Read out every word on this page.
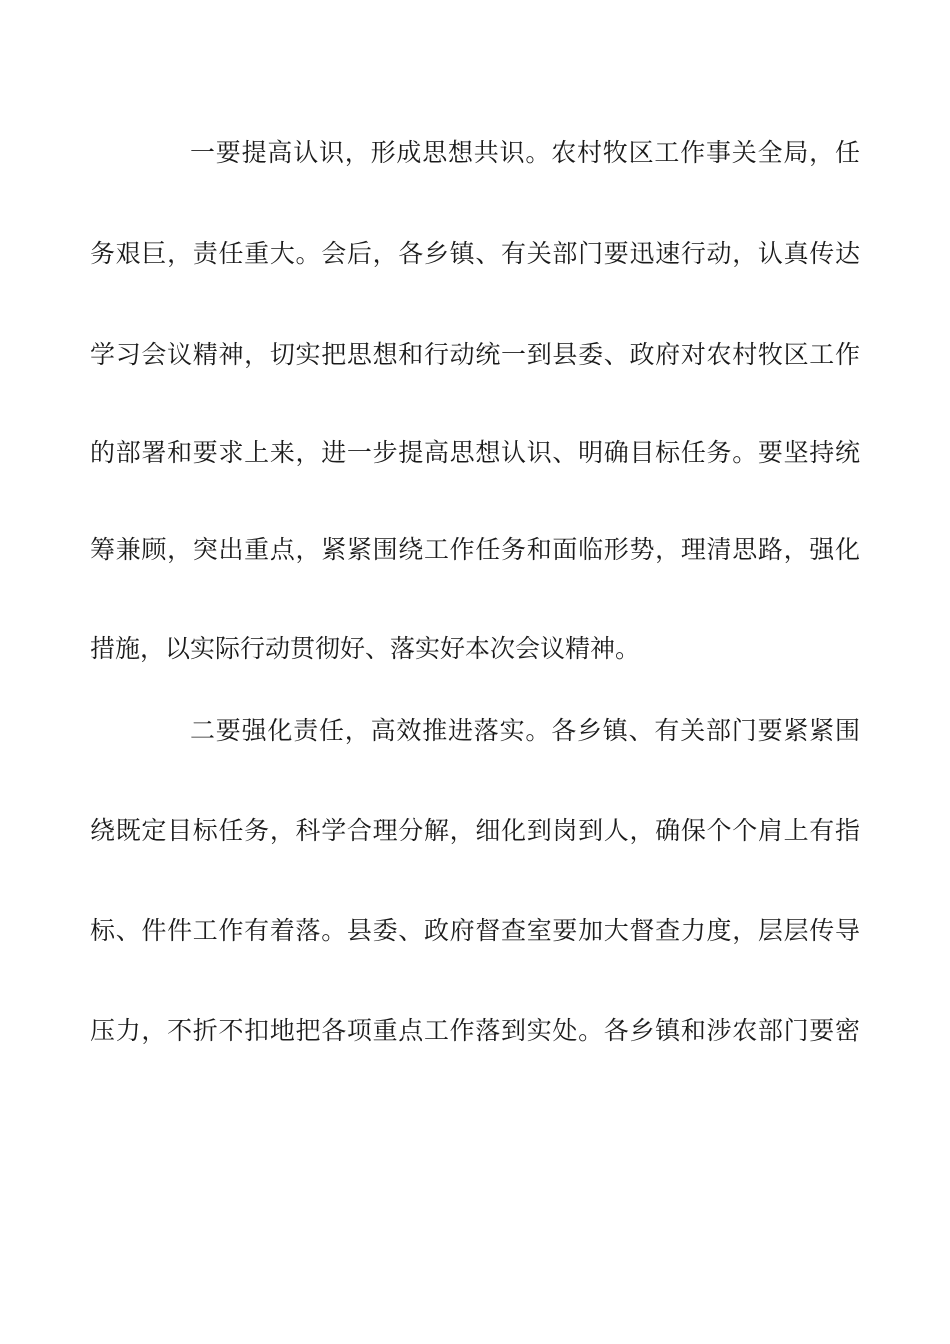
一要提高认识，形成思想共识。农村牧区工作事关全局，任
务艰巨，责任重大。会后，各乡镇、有关部门要迅速行动，认真传达
学习会议精神，切实把思想和行动统一到县委、政府对农村牧区工作
的部署和要求上来，进一步提高思想认识、明确目标任务。要坚持统
筹兼顾，突出重点，紧紧围绕工作任务和面临形势，理清思路，强化
措施，以实际行动贯彻好、落实好本次会议精神。
二要强化责任，高效推进落实。各乡镇、有关部门要紧紧围
绕既定目标任务，科学合理分解，细化到岗到人，确保个个肩上有指
标、件件工作有着落。县委、政府督查室要加大督查力度，层层传导
压力，不折不扣地把各项重点工作落到实处。各乡镇和涉农部门要密
